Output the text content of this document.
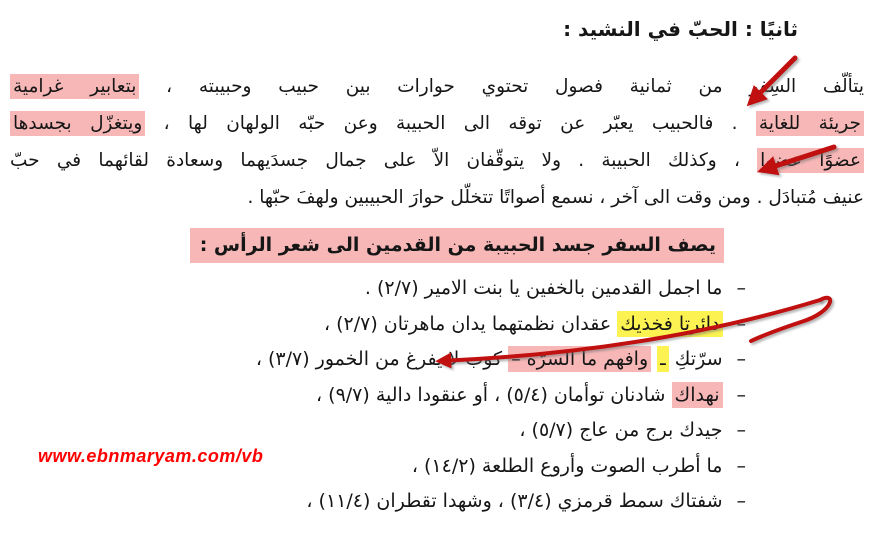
ثانيًا : الحبّ في النشيد :
يتألّف السِفر من ثمانية فصول تحتوي حوارات بين حبيب وحبيبته ، بتعابير غرامية
جريئة للغاية . فالحبيب يعبّر عن توقه الى الحبيبة وعن حبّه الولهان لها ، ويتغزّل بجسدها
عضوًا عضوا ، وكذلك الحبيبة . ولا يتوقّفان الاّ على جمال جسدَيهما وسعادة لقائهما في حبّ
عنيف مُتبادَل . ومن وقت الى آخر ، نسمع أصواتًا تتخلّل حوارَ الحبيبين ولهفَ حبّها .
يصف السفر جسد الحبيبة من القدمين الى شعر الرأس :
–ما اجمل القدمين بالخفين يا بنت الامير (٢/٧) .
–دائرتا فخذيك عقدان نظمتهما يدان ماهرتان (٢/٧) ،
–سرّتكِ ـ وافهم ما السرّة – كوب لا يفرغ من الخمور (٣/٧) ،
–نهداك شادنان توأمان (٥/٤) ، أو عنقودا دالية (٩/٧) ،
–جيدك برج من عاج (٥/٧) ،
–ما أطرب الصوت وأروع الطلعة (١٤/٢) ،
–شفتاك سمط قرمزي (٣/٤) ، وشهدا تقطران (١١/٤) ،
www.ebnmaryam.com/vb
